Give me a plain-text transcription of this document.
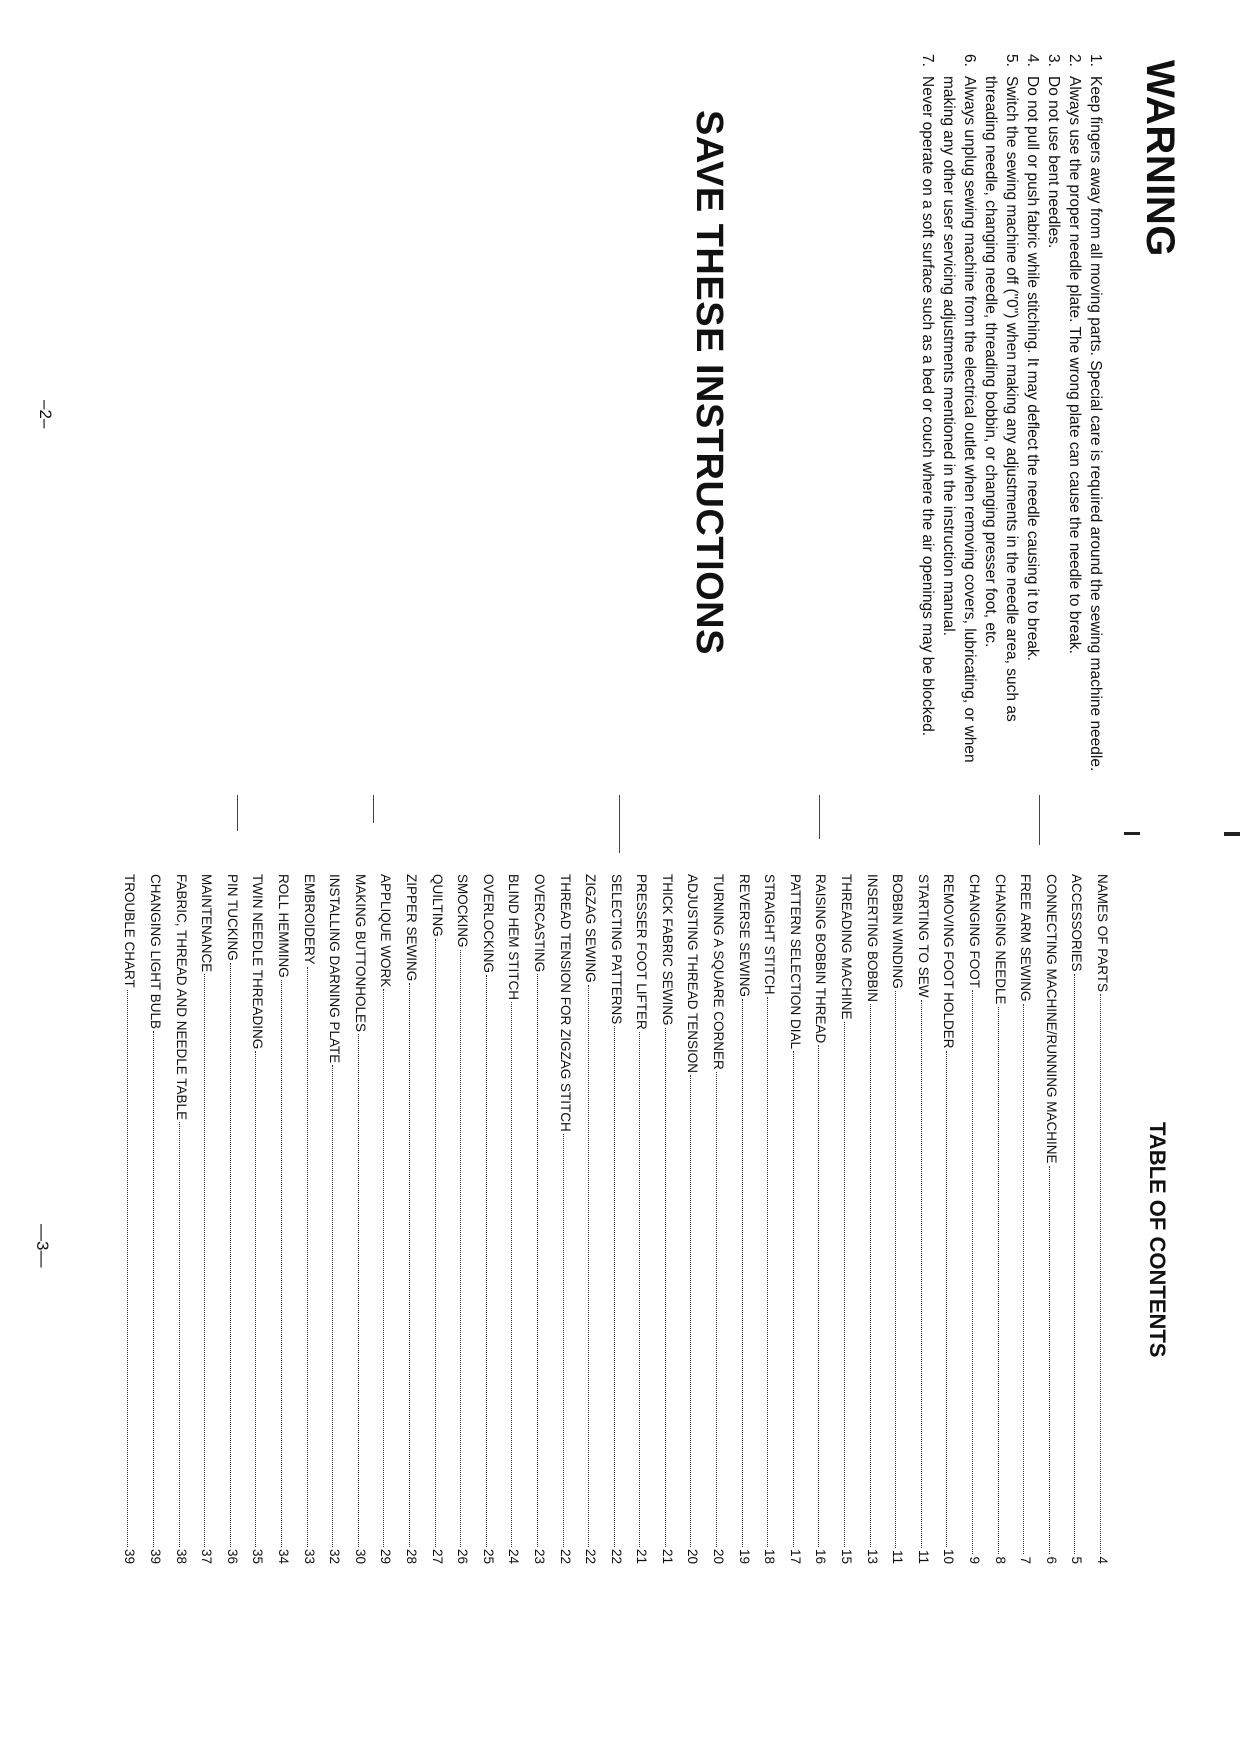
WARNING
1.
Keep fingers away from all moving parts. Special care is required around the sewing machine needle.
2.
Always use the proper needle plate. The wrong plate can cause the needle to break.
3.
Do not use bent needles.
4.
Do not pull or push fabric while stitching. It may deflect the needle causing it to break.
5.
Switch the sewing machine off ("0") when making any adjustments in the needle area, such as threading needle, changing needle, threading bobbin, or changing presser foot, etc.
6.
Always unplug sewing machine from the electrical outlet when removing covers, lubricating, or when making any other user servicing adjustments mentioned in the instruction manual.
7.
Never operate on a soft surface such as a bed or couch where the air openings may be blocked.
SAVE THESE INSTRUCTIONS
–2–
TABLE OF CONTENTS
NAMES OF PARTS
4
ACCESSORIES
5
CONNECTING MACHINE/RUNNING MACHINE
6
FREE ARM SEWING
7
CHANGING NEEDLE
8
CHANGING FOOT
9
REMOVING FOOT HOLDER
10
STARTING TO SEW
11
BOBBIN WINDING
11
INSERTING BOBBIN
13
THREADING MACHINE
15
RAISING BOBBIN THREAD
16
PATTERN SELECTION DIAL
17
STRAIGHT STITCH
18
REVERSE SEWING
19
TURNING A SQUARE CORNER
20
ADJUSTING THREAD TENSION
20
THICK FABRIC SEWING
21
PRESSER FOOT LIFTER
21
SELECTING PATTERNS
22
ZIGZAG SEWING
22
THREAD TENSION FOR ZIGZAG STITCH
22
OVERCASTING
23
BLIND HEM STITCH
24
OVERLOCKING
25
SMOCKING
26
QUILTING
27
ZIPPER SEWING
28
APPLIQUE WORK
29
MAKING BUTTONHOLES
30
INSTALLING DARNING PLATE
32
EMBROIDERY
33
ROLL HEMMING
34
TWIN NEEDLE THREADING
35
PIN TUCKING
36
MAINTENANCE
37
FABRIC, THREAD AND NEEDLE TABLE
38
CHANGING LIGHT BULB
39
TROUBLE CHART
39
—3—
